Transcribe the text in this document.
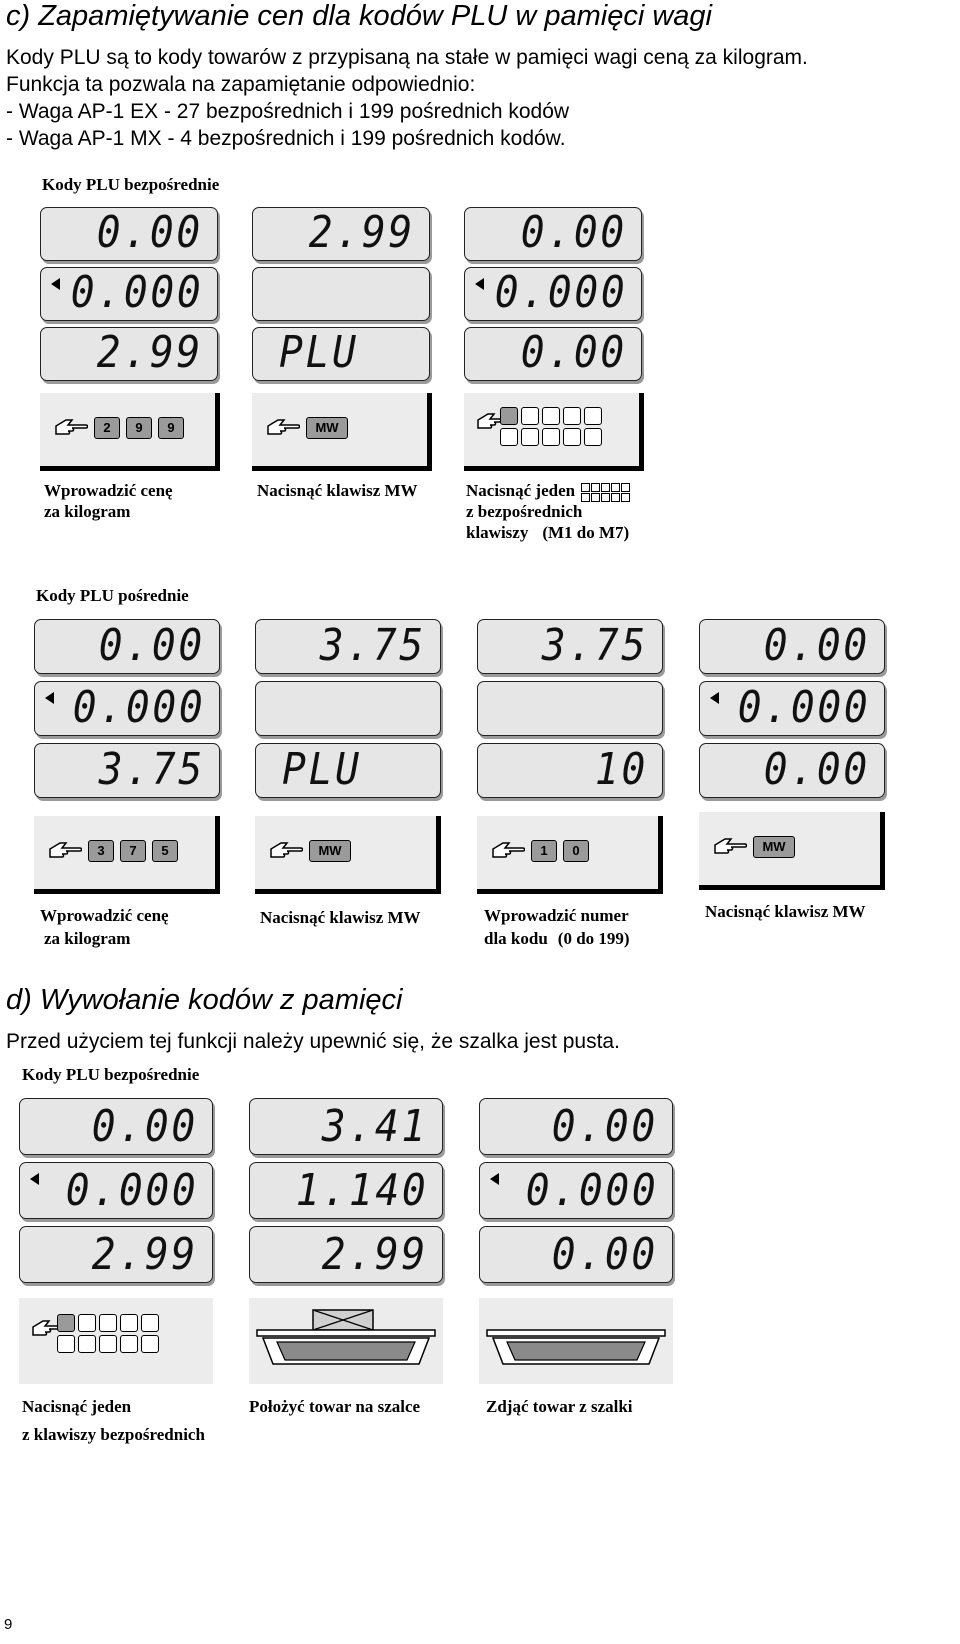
c) Zapamiętywanie cen dla kodów PLU w pamięci wagi
Kody PLU są to kody towarów z przypisaną na stałe w pamięci wagi ceną za kilogram.
Funkcja ta pozwala na zapamiętanie odpowiednio:
- Waga AP-1 EX - 27 bezpośrednich i 199 pośrednich kodów
- Waga AP-1 MX - 4 bezpośrednich i 199 pośrednich kodów.
Kody PLU bezpośrednie
0.00
0.000
2.99
2 9 9
Wprowadzić cenę
za kilogram
2.99
PLU
MW
Nacisnąć klawisz MW
0.00
0.000
0.00
Nacisnąć jeden
z bezpośrednich
klawiszy (M1 do M7)
Kody PLU pośrednie
0.00
0.000
3.75
3 7 5
Wprowadzić cenę
za kilogram
3.75
PLU
MW
Nacisnąć klawisz MW
3.75
10
1 0
Wprowadzić numer
dla kodu (0 do 199)
0.00
0.000
0.00
MW
Nacisnąć klawisz MW
d) Wywołanie kodów z pamięci
Przed użyciem tej funkcji należy upewnić się, że szalka jest pusta.
Kody PLU bezpośrednie
0.00
0.000
2.99
Nacisnąć jeden
z klawiszy bezpośrednich
3.41
1.140
2.99
Położyć towar na szalce
0.00
0.000
0.00
Zdjąć towar z szalki
9
